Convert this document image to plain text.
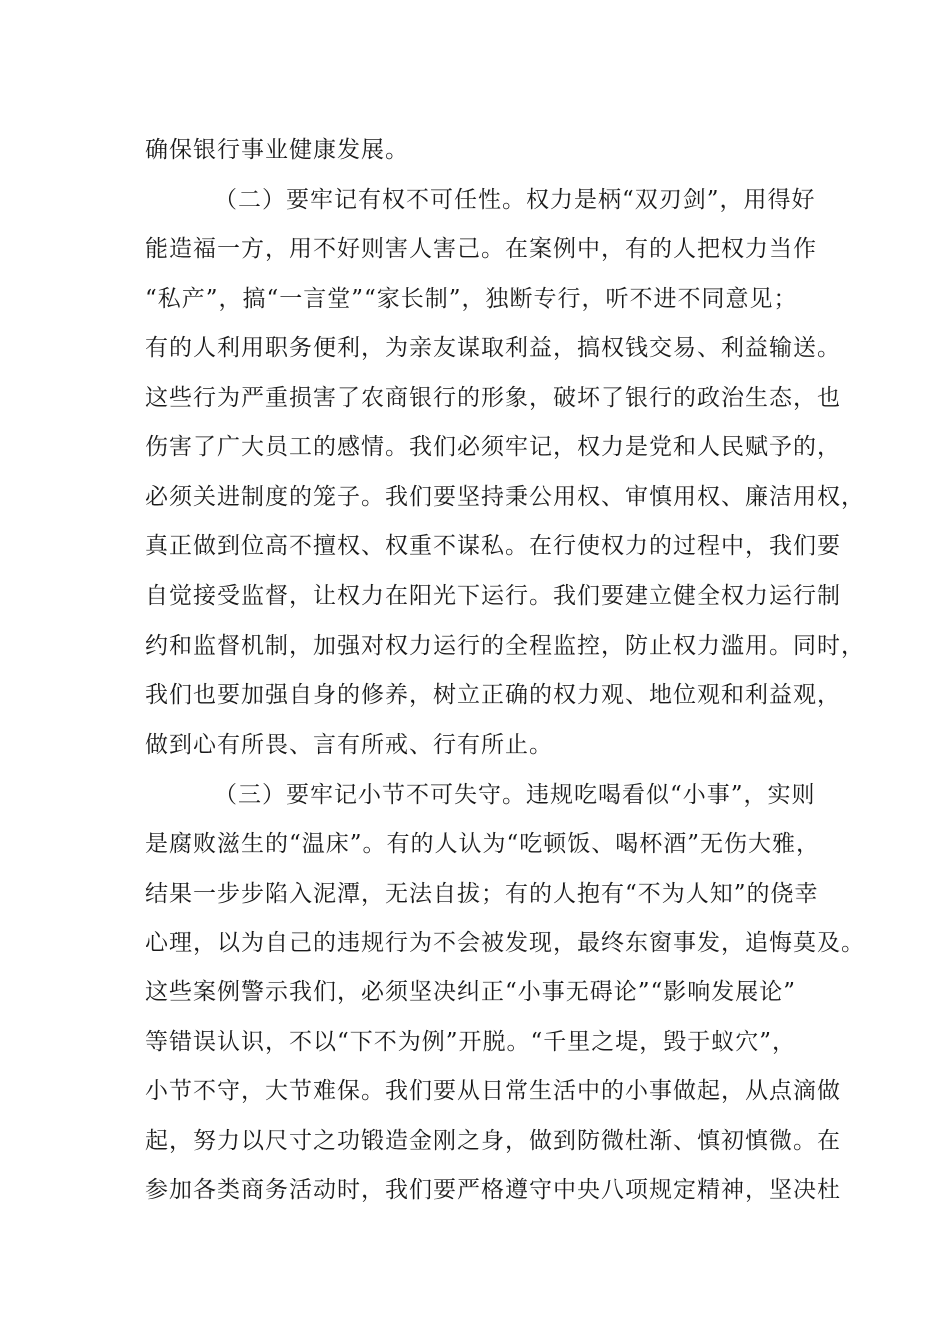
确保银行事业健康发展。
（二）要牢记有权不可任性。权力是柄“双刃剑”，用得好
能造福一方，用不好则害人害己。在案例中，有的人把权力当作
“私产”，搞“一言堂”“家长制”，独断专行，听不进不同意见；
有的人利用职务便利，为亲友谋取利益，搞权钱交易、利益输送。
这些行为严重损害了农商银行的形象，破坏了银行的政治生态，也
伤害了广大员工的感情。我们必须牢记，权力是党和人民赋予的，
必须关进制度的笼子。我们要坚持秉公用权、审慎用权、廉洁用权，
真正做到位高不擅权、权重不谋私。在行使权力的过程中，我们要
自觉接受监督，让权力在阳光下运行。我们要建立健全权力运行制
约和监督机制，加强对权力运行的全程监控，防止权力滥用。同时，
我们也要加强自身的修养，树立正确的权力观、地位观和利益观，
做到心有所畏、言有所戒、行有所止。
（三）要牢记小节不可失守。违规吃喝看似“小事”，实则
是腐败滋生的“温床”。有的人认为“吃顿饭、喝杯酒”无伤大雅，
结果一步步陷入泥潭，无法自拔；有的人抱有“不为人知”的侥幸
心理，以为自己的违规行为不会被发现，最终东窗事发，追悔莫及。
这些案例警示我们，必须坚决纠正“小事无碍论”“影响发展论”
等错误认识，不以“下不为例”开脱。“千里之堤，毁于蚁穴”，
小节不守，大节难保。我们要从日常生活中的小事做起，从点滴做
起，努力以尺寸之功锻造金刚之身，做到防微杜渐、慎初慎微。在
参加各类商务活动时，我们要严格遵守中央八项规定精神，坚决杜
